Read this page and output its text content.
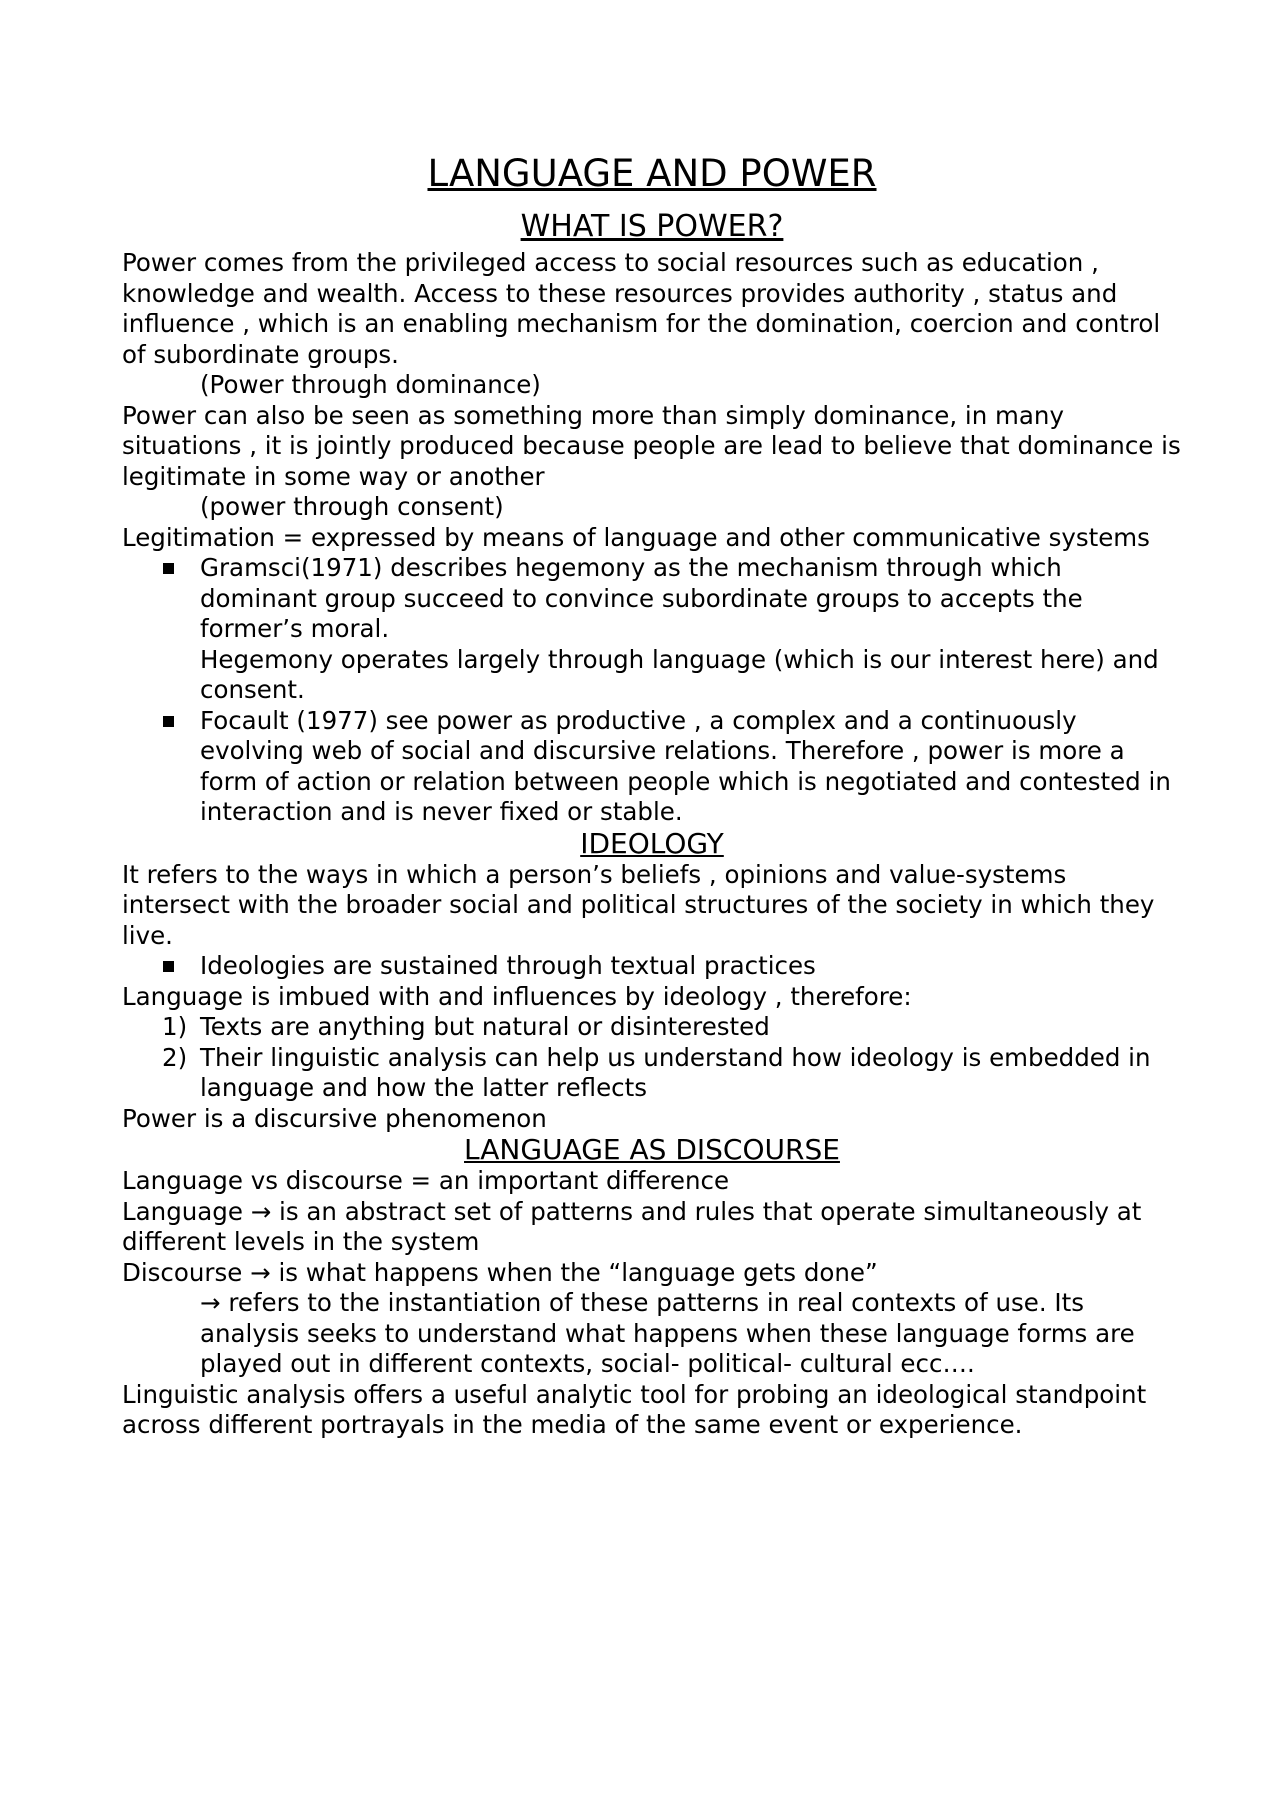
LANGUAGE AND POWER
WHAT IS POWER?

Power comes from the privileged access to social resources such as education , knowledge and wealth. Access to these resources provides authority , status and influence , which is an enabling mechanism for the domination, coercion and control of subordinate groups.

(Power through dominance)

Power can also be seen as something more than simply dominance, in many situations , it is jointly produced because people are lead to believe that dominance is legitimate in some way or another

(power through consent)

Legitimation = expressed by means of language and other communicative systems

Gramsci(1971) describes hegemony as the mechanism through which dominant group succeed to convince subordinate groups to accepts the former’s moral.

Hegemony operates largely through language (which is our interest here) and consent.

Focault (1977) see power as productive , a complex and a continuously evolving web of social and discursive relations. Therefore , power is more a form of action or relation between people which is negotiated and contested in interaction and is never fixed or stable.

IDEOLOGY

It refers to the ways in which a person’s beliefs , opinions and value-systems intersect with the broader social and political structures of the society in which they live.

Ideologies are sustained through textual practices

Language is imbued with and influences by ideology , therefore:

1) Texts are anything but natural or disinterested

2) Their linguistic analysis can help us understand how ideology is embedded in language and how the latter reflects

Power is a discursive phenomenon

LANGUAGE AS DISCOURSE

Language vs discourse = an important difference

Language → is an abstract set of patterns and rules that operate simultaneously at different levels in the system

Discourse → is what happens when the “language gets done”

→ refers to the instantiation of these patterns in real contexts of use. Its analysis seeks to understand what happens when these language forms are played out in different contexts, social- political- cultural ecc….

Linguistic analysis offers a useful analytic tool for probing an ideological standpoint across different portrayals in the media of the same event or experience.
